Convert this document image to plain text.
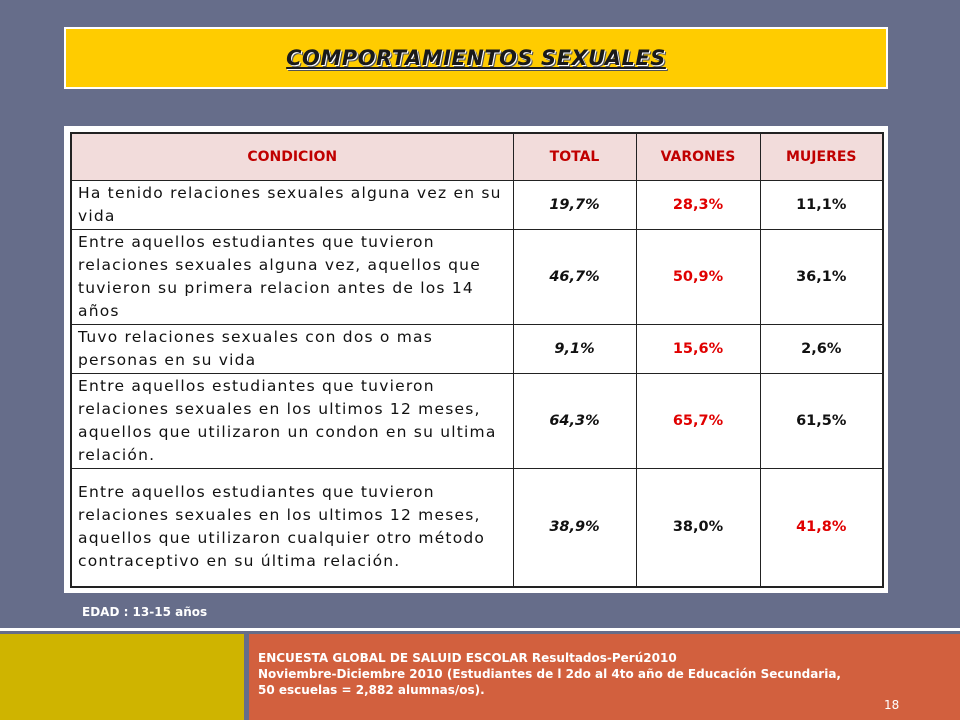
COMPORTAMIENTOS SEXUALES
CONDICION	TOTAL	VARONES	MUJERES
Ha tenido relaciones sexuales alguna vez en su vida	19,7%	28,3%	11,1%
Entre aquellos estudiantes que tuvieron relaciones sexuales alguna vez, aquellos que tuvieron su primera relacion antes de los 14 años	46,7%	50,9%	36,1%
Tuvo relaciones sexuales con dos o mas personas en su vida	9,1%	15,6%	2,6%
Entre aquellos estudiantes que tuvieron relaciones sexuales en los ultimos 12 meses, aquellos que utilizaron un condon en su ultima relación.	64,3%	65,7%	61,5%
Entre aquellos estudiantes que tuvieron relaciones sexuales en los ultimos 12 meses, aquellos que utilizaron cualquier otro método contraceptivo en su última relación.	38,9%	38,0%	41,8%
EDAD : 13-15 años
ENCUESTA GLOBAL DE SALUID ESCOLAR Resultados-Perú2010
Noviembre-Diciembre 2010 (Estudiantes de l 2do al 4to año de Educación Secundaria,
50 escuelas = 2,882 alumnas/os).
18
